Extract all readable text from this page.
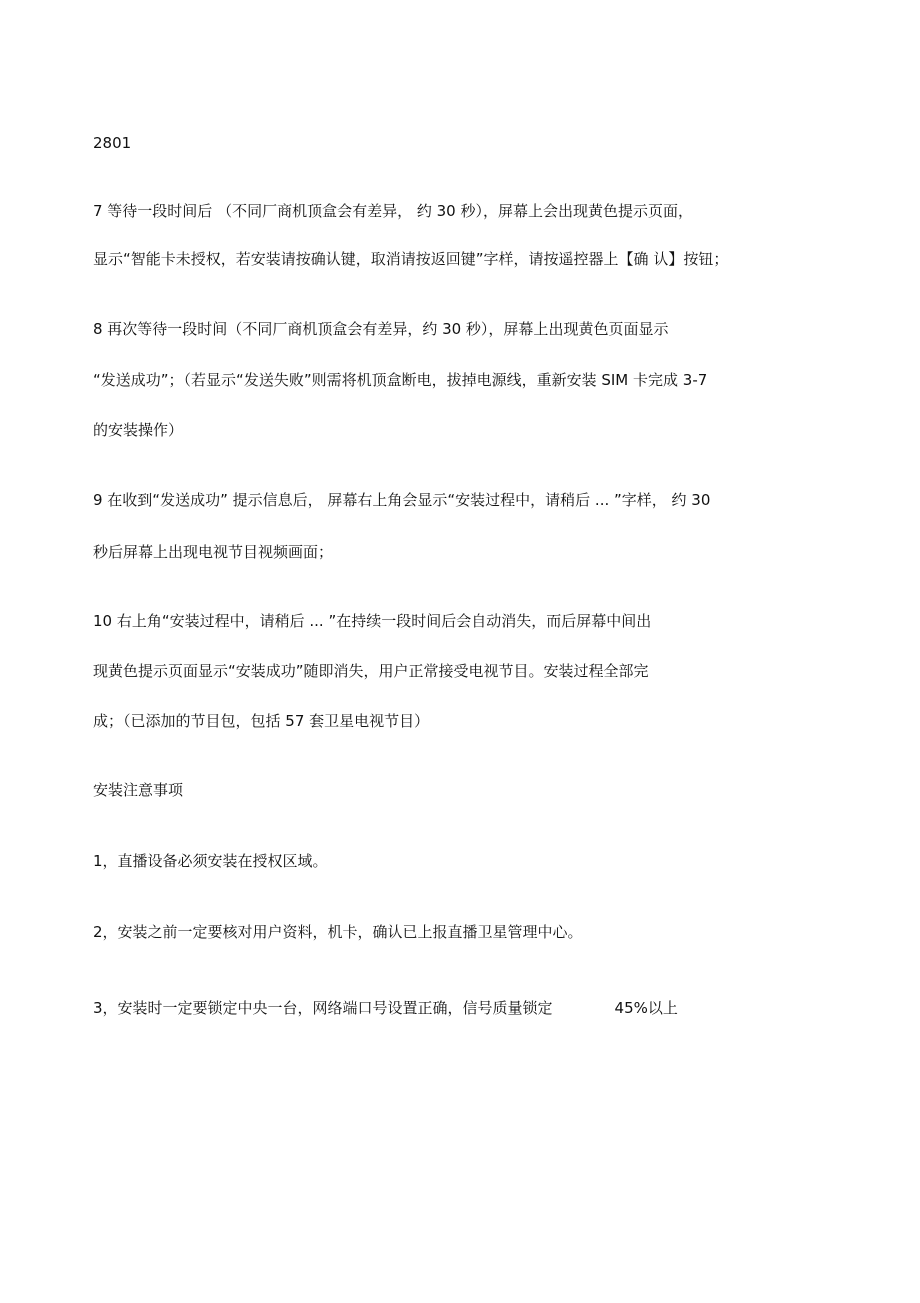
2801
7 等待一段时间后 （不同厂商机顶盒会有差异， 约 30 秒），屏幕上会出现黄色提示页面，
显示“智能卡未授权，若安装请按确认键，取消请按返回键”字样，请按遥控器上【确 认】按钮；
8 再次等待一段时间（不同厂商机顶盒会有差异，约 30 秒），屏幕上出现黄色页面显示
“发送成功”；（若显示“发送失败”则需将机顶盒断电，拔掉电源线，重新安装 SIM 卡完成 3-7
的安装操作）
9 在收到“发送成功” 提示信息后， 屏幕右上角会显示“安装过程中，请稍后 ... ”字样， 约 30
秒后屏幕上出现电视节目视频画面；
10 右上角“安装过程中，请稍后 ... ”在持续一段时间后会自动消失，而后屏幕中间出
现黄色提示页面显示“安装成功”随即消失，用户正常接受电视节目。安装过程全部完
成；（已添加的节目包，包括 57 套卫星电视节目）
安装注意事项
1，直播设备必须安装在授权区域。
2，安装之前一定要核对用户资料，机卡，确认已上报直播卫星管理中心。
3，安装时一定要锁定中央一台，网络端口号设置正确，信号质量锁定	45%以上
